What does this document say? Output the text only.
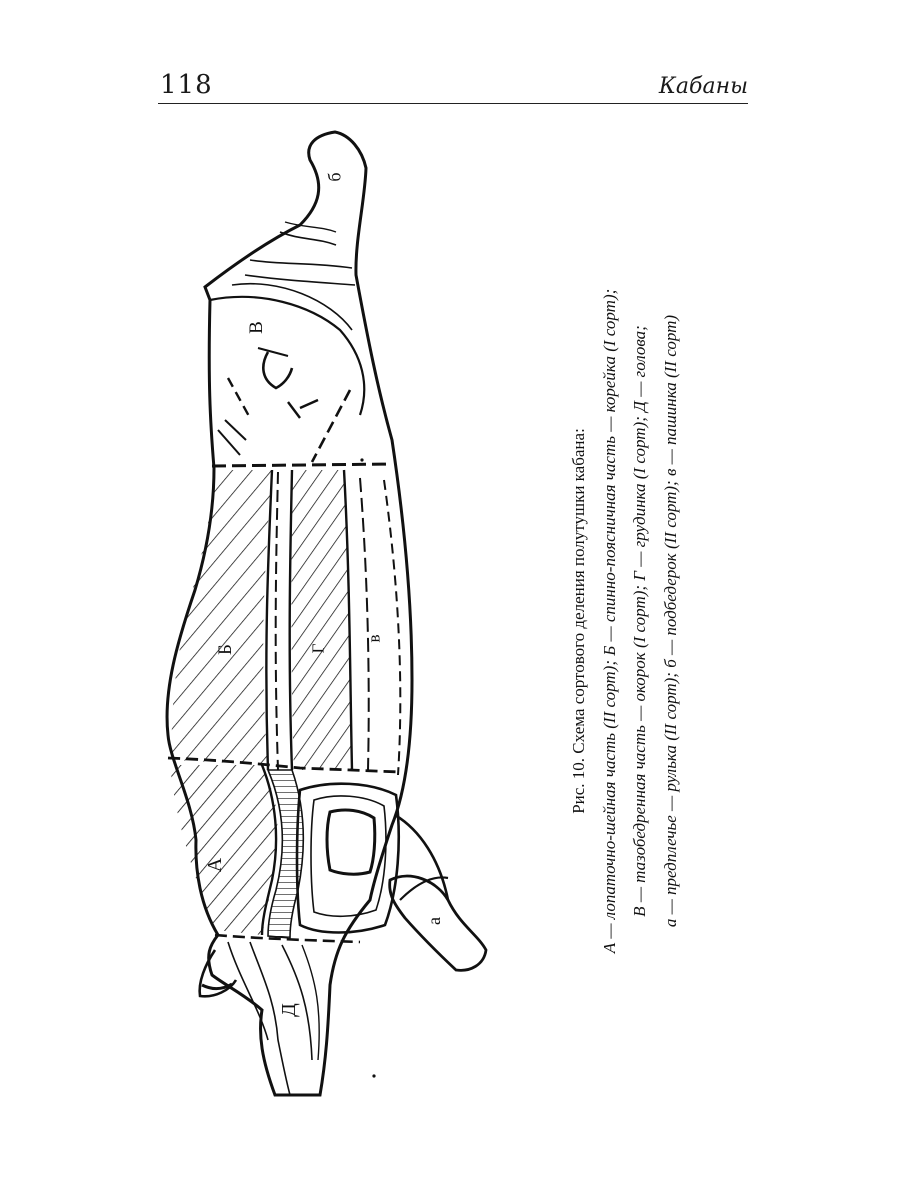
118	Кабаны
А
Б
В
Г
Д
а
б
в	Рис. 10. Схема сортового деления полутушки кабана: А — лопаточно-шейная часть (II сорт); Б — спинно-поясничная часть — корейка (I сорт); В — тазобедренная часть — окорок (I сорт); Г — грудинка (I сорт); Д — голова; а — предплечье — рулька (II сорт); б — подбедерок (II сорт); в — пашинка (II сорт)
